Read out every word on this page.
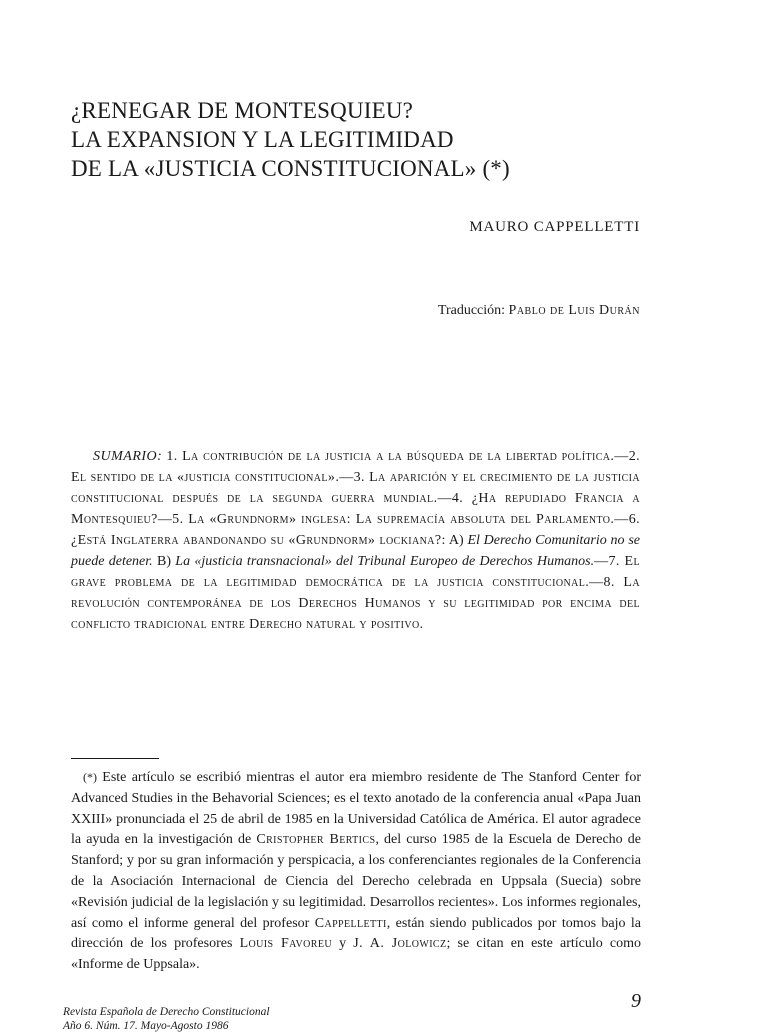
¿RENEGAR DE MONTESQUIEU?
LA EXPANSION Y LA LEGITIMIDAD
DE LA «JUSTICIA CONSTITUCIONAL» (*)
MAURO CAPPELLETTI
Traducción: Pablo de Luis Durán

SUMARIO: 1. La contribución de la justicia a la búsqueda de la libertad política.—2. El sentido de la «justicia constitucional».—3. La aparición y el crecimiento de la justicia constitucional después de la segunda guerra mundial.—4. ¿Ha repudiado Francia a Montesquieu?—5. La «Grundnorm» inglesa: La supremacía absoluta del Parlamento.—6. ¿Está Inglaterra abandonando su «Grundnorm» lockiana?: A) El Derecho Comunitario no se puede detener. B) La «justicia transnacional» del Tribunal Europeo de Derechos Humanos.—7. El grave problema de la legitimidad democrática de la justicia constitucional.—8. La revolución contemporánea de los Derechos Humanos y su legitimidad por encima del conflicto tradicional entre Derecho natural y positivo.

(*) Este artículo se escribió mientras el autor era miembro residente de The Stanford Center for Advanced Studies in the Behavorial Sciences; es el texto anotado de la conferencia anual «Papa Juan XXIII» pronunciada el 25 de abril de 1985 en la Universidad Católica de América. El autor agradece la ayuda en la investigación de Cristopher Bertics, del curso 1985 de la Escuela de Derecho de Stanford; y por su gran información y perspicacia, a los conferenciantes regionales de la Conferencia de la Asociación Internacional de Ciencia del Derecho celebrada en Uppsala (Suecia) sobre «Revisión judicial de la legislación y su legitimidad. Desarrollos recientes». Los informes regionales, así como el informe general del profesor Cappelletti, están siendo publicados por tomos bajo la dirección de los profesores Louis Favoreu y J. A. Jolowicz; se citan en este artículo como «Informe de Uppsala».

9
Revista Española de Derecho Constitucional
Año 6. Núm. 17. Mayo-Agosto 1986
